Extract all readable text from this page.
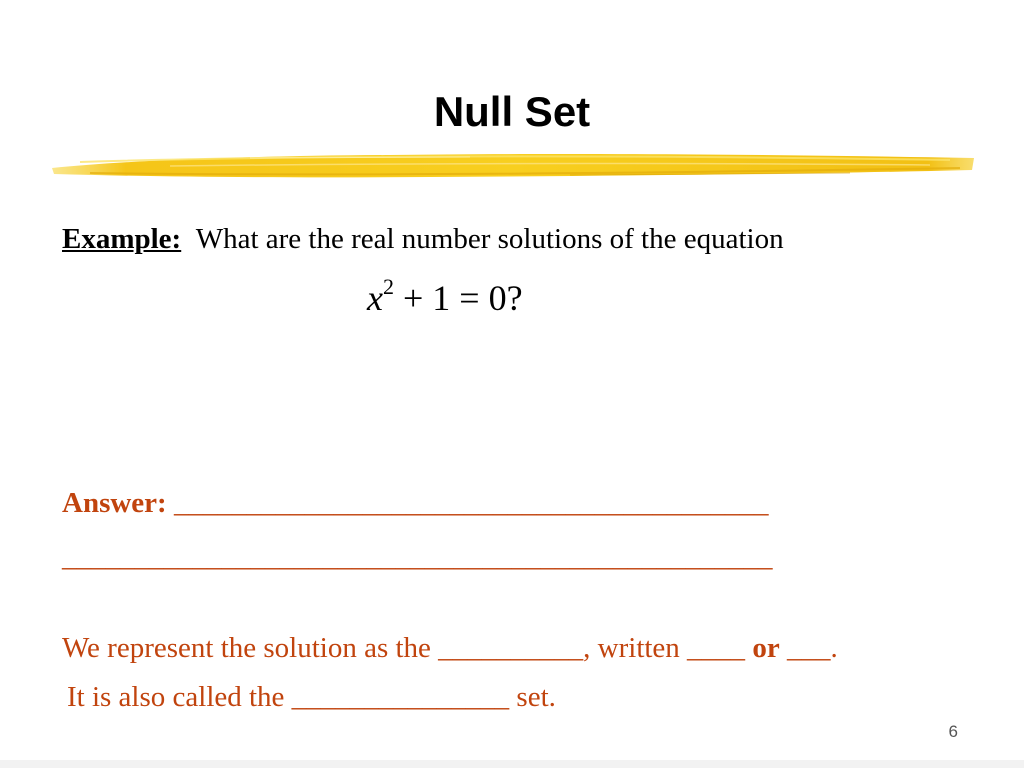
Null Set
Example: What are the real number solutions of the equation
$x^2 + 1 = 0$?
Answer: _________________________________________
_________________________________________________
We represent the solution as the __________, written ____ or ___.
It is also called the _______________ set.
6
